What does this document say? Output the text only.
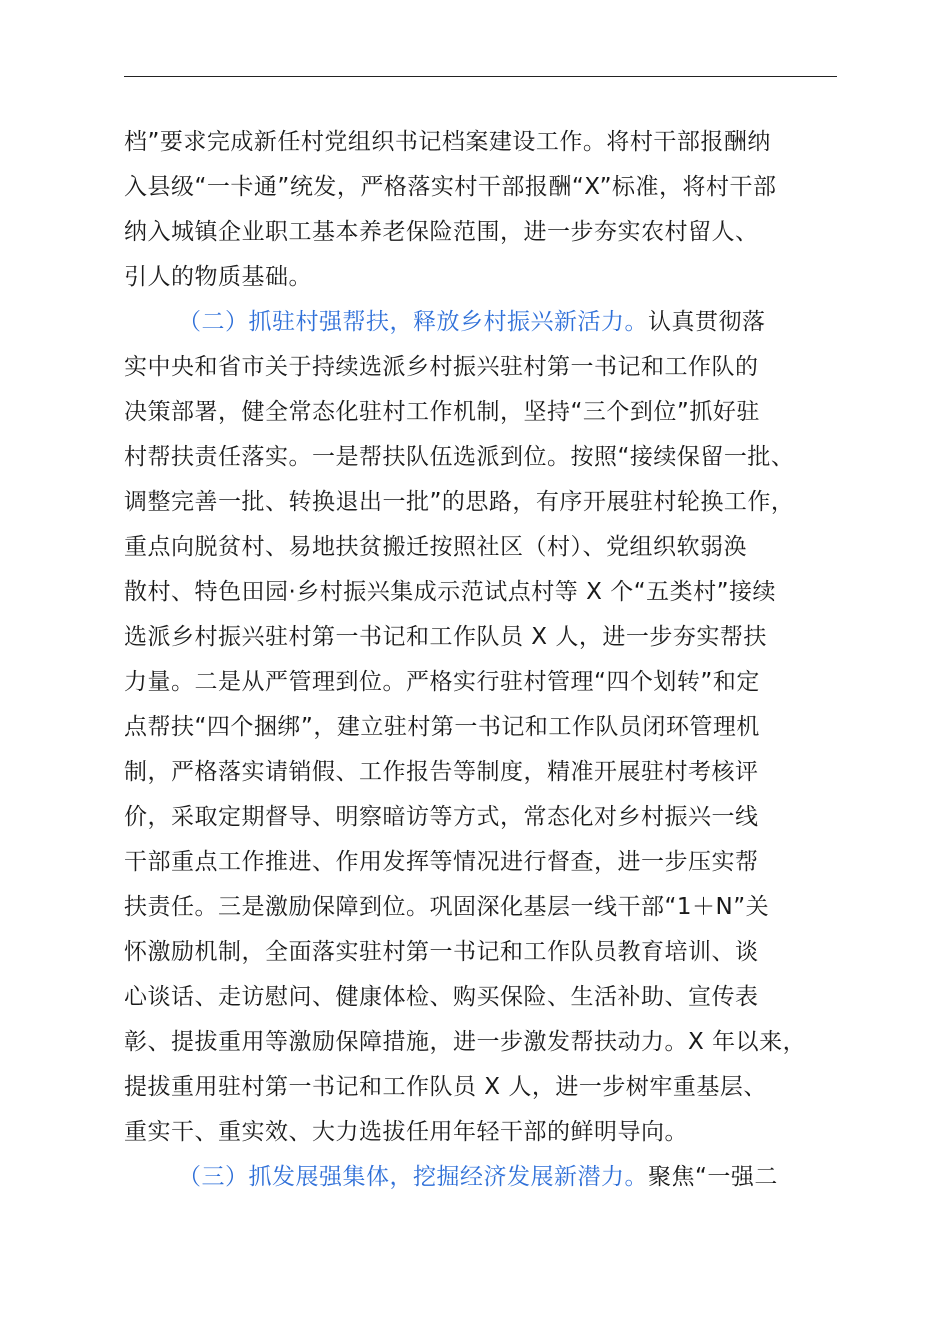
档”要求完成新任村党组织书记档案建设工作。将村干部报酬纳
入县级“一卡通”统发，严格落实村干部报酬“X”标准，将村干部
纳入城镇企业职工基本养老保险范围，进一步夯实农村留人、
引人的物质基础。
（二）抓驻村强帮扶，释放乡村振兴新活力。认真贯彻落
实中央和省市关于持续选派乡村振兴驻村第一书记和工作队的
决策部署，健全常态化驻村工作机制，坚持“三个到位”抓好驻
村帮扶责任落实。一是帮扶队伍选派到位。按照“接续保留一批、
调整完善一批、转换退出一批”的思路，有序开展驻村轮换工作，
重点向脱贫村、易地扶贫搬迁按照社区（村）、党组织软弱涣
散村、特色田园·乡村振兴集成示范试点村等 X 个“五类村”接续
选派乡村振兴驻村第一书记和工作队员 X 人，进一步夯实帮扶
力量。二是从严管理到位。严格实行驻村管理“四个划转”和定
点帮扶“四个捆绑”，建立驻村第一书记和工作队员闭环管理机
制，严格落实请销假、工作报告等制度，精准开展驻村考核评
价，采取定期督导、明察暗访等方式，常态化对乡村振兴一线
干部重点工作推进、作用发挥等情况进行督查，进一步压实帮
扶责任。三是激励保障到位。巩固深化基层一线干部“1＋N”关
怀激励机制，全面落实驻村第一书记和工作队员教育培训、谈
心谈话、走访慰问、健康体检、购买保险、生活补助、宣传表
彰、提拔重用等激励保障措施，进一步激发帮扶动力。X 年以来，
提拔重用驻村第一书记和工作队员 X 人，进一步树牢重基层、
重实干、重实效、大力选拔任用年轻干部的鲜明导向。
（三）抓发展强集体，挖掘经济发展新潜力。聚焦“一强二
